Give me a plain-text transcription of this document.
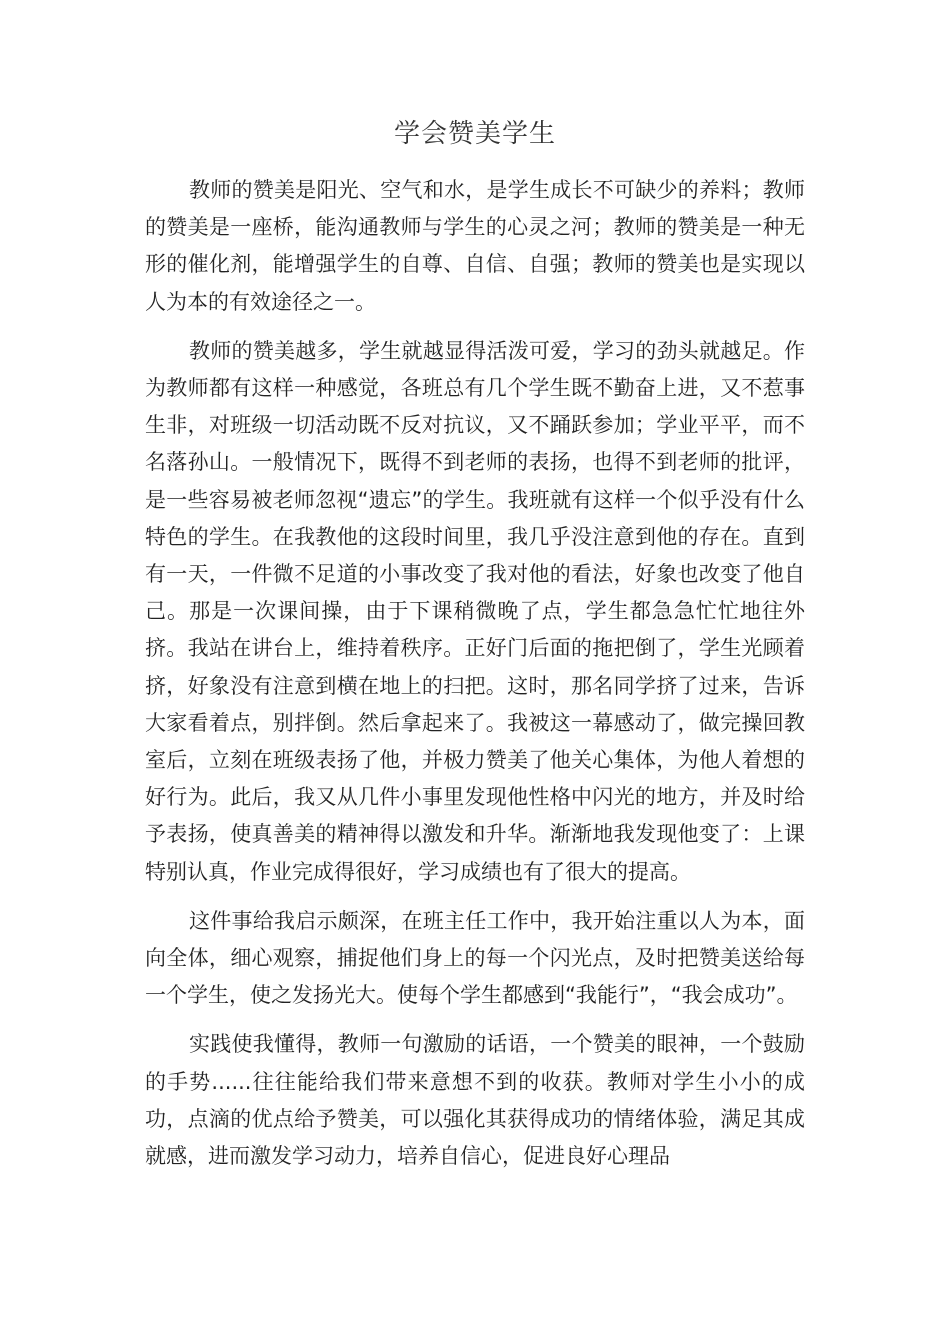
学会赞美学生

教师的赞美是阳光、空气和水，是学生成长不可缺少的养料；教师的赞美是一座桥，能沟通教师与学生的心灵之河；教师的赞美是一种无形的催化剂，能增强学生的自尊、自信、自强；教师的赞美也是实现以人为本的有效途径之一。

教师的赞美越多，学生就越显得活泼可爱，学习的劲头就越足。作为教师都有这样一种感觉，各班总有几个学生既不勤奋上进，又不惹事生非，对班级一切活动既不反对抗议，又不踊跃参加；学业平平，而不名落孙山。一般情况下，既得不到老师的表扬，也得不到老师的批评，是一些容易被老师忽视“遗忘”的学生。我班就有这样一个似乎没有什么特色的学生。在我教他的这段时间里，我几乎没注意到他的存在。直到有一天，一件微不足道的小事改变了我对他的看法，好象也改变了他自己。那是一次课间操，由于下课稍微晚了点，学生都急急忙忙地往外挤。我站在讲台上，维持着秩序。正好门后面的拖把倒了，学生光顾着挤，好象没有注意到横在地上的扫把。这时，那名同学挤了过来，告诉大家看着点，别拌倒。然后拿起来了。我被这一幕感动了，做完操回教室后，立刻在班级表扬了他，并极力赞美了他关心集体，为他人着想的好行为。此后，我又从几件小事里发现他性格中闪光的地方，并及时给予表扬，使真善美的精神得以激发和升华。渐渐地我发现他变了：上课特别认真，作业完成得很好，学习成绩也有了很大的提高。

这件事给我启示颇深，在班主任工作中，我开始注重以人为本，面向全体，细心观察，捕捉他们身上的每一个闪光点，及时把赞美送给每一个学生，使之发扬光大。使每个学生都感到“我能行”，“我会成功”。

实践使我懂得，教师一句激励的话语，一个赞美的眼神，一个鼓励的手势......往往能给我们带来意想不到的收获。教师对学生小小的成功，点滴的优点给予赞美，可以强化其获得成功的情绪体验，满足其成就感，进而激发学习动力，培养自信心，促进良好心理品
